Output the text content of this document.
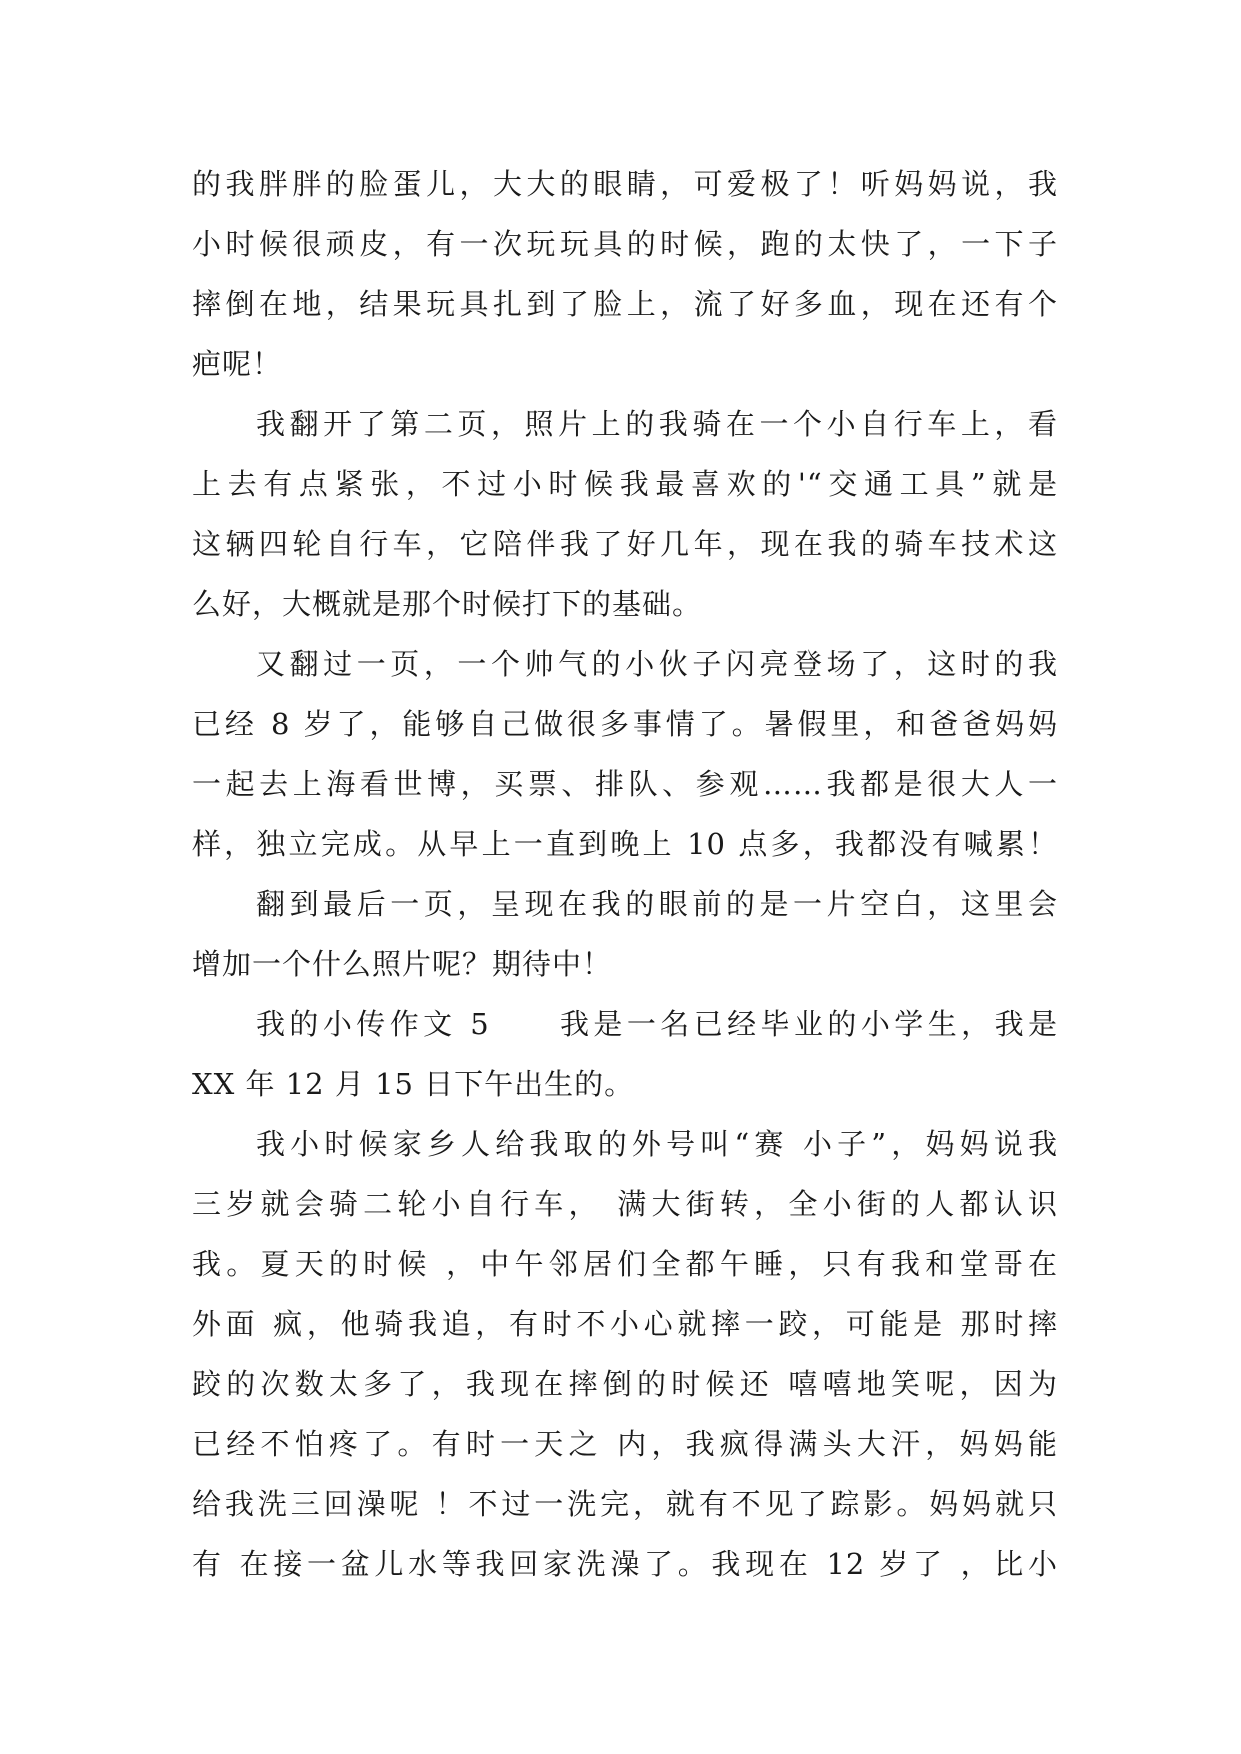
的我胖胖的脸蛋儿，大大的眼睛，可爱极了！听妈妈说，我
小时候很顽皮，有一次玩玩具的时候，跑的太快了，一下子
摔倒在地，结果玩具扎到了脸上，流了好多血，现在还有个
疤呢！
我翻开了第二页，照片上的我骑在一个小自行车上，看
上去有点紧张，不过小时候我最喜欢的'“交通工具”就是
这辆四轮自行车，它陪伴我了好几年，现在我的骑车技术这
么好，大概就是那个时候打下的基础。
又翻过一页，一个帅气的小伙子闪亮登场了，这时的我
已经 8 岁了，能够自己做很多事情了。暑假里，和爸爸妈妈
一起去上海看世博，买票、排队、参观……我都是很大人一
样，独立完成。从早上一直到晚上 10 点多，我都没有喊累！
翻到最后一页，呈现在我的眼前的是一片空白，这里会
增加一个什么照片呢？期待中！
我的小传作文 5　　我是一名已经毕业的小学生，我是
XX 年 12 月 15 日下午出生的。
我小时候家乡人给我取的外号叫“赛 小子”，妈妈说我
三岁就会骑二轮小自行车， 满大街转，全小街的人都认识
我。夏天的时候 ，中午邻居们全都午睡，只有我和堂哥在
外面 疯，他骑我追，有时不小心就摔一跤，可能是 那时摔
跤的次数太多了，我现在摔倒的时候还 嘻嘻地笑呢，因为
已经不怕疼了。有时一天之 内，我疯得满头大汗，妈妈能
给我洗三回澡呢 ！不过一洗完，就有不见了踪影。妈妈就只
有 在接一盆儿水等我回家洗澡了。我现在 12 岁了 ，比小
